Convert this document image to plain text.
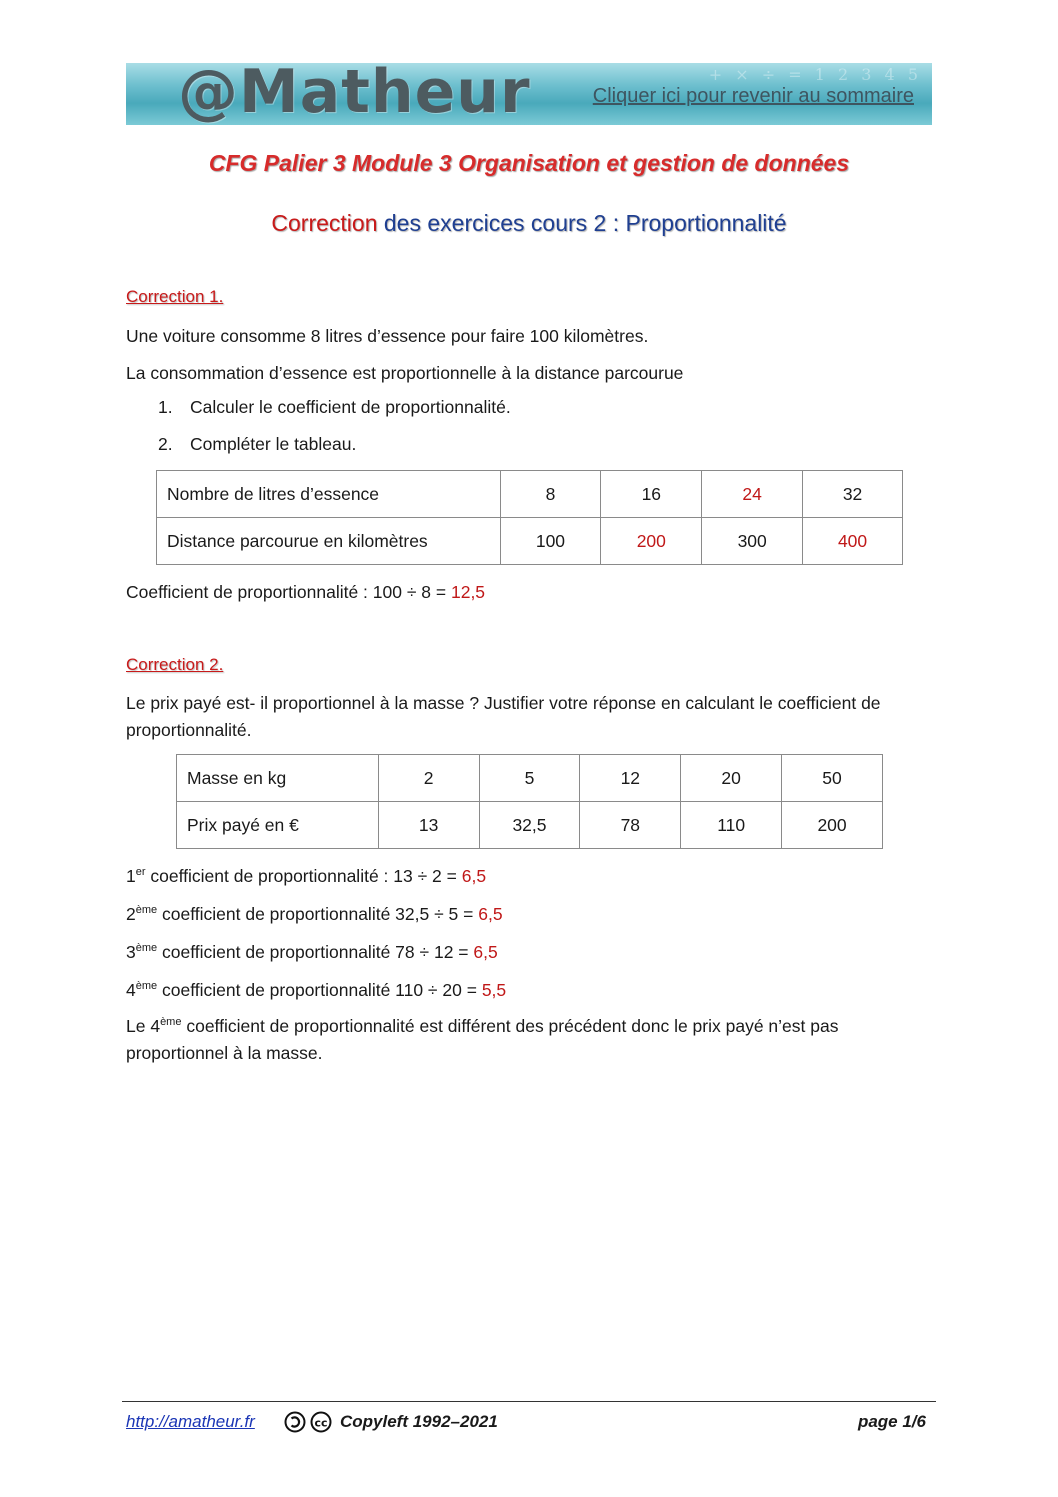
+ × ÷ = 1 2 3 4 5
@Matheur	Cliquer ici pour revenir au sommaire
CFG Palier 3 Module 3 Organisation et gestion de données
Correction des exercices cours 2 : Proportionnalité
Correction 1.
Une voiture consomme 8 litres d’essence pour faire 100 kilomètres.
La consommation d’essence est proportionnelle à la distance parcourue
1. Calculer le coefficient de proportionnalité.
2. Compléter le tableau.
Nombre de litres d’essence	8	16	24	32
Distance parcourue en kilomètres	100	200	300	400
Coefficient de proportionnalité : 100 ÷ 8 = 12,5
Correction 2.
Le prix payé est- il proportionnel à la masse ? Justifier votre réponse en calculant le coefficient de proportionnalité.
Masse en kg	2	5	12	20	50
Prix payé en €	13	32,5	78	110	200
1er coefficient de proportionnalité : 13 ÷ 2 = 6,5
2ème coefficient de proportionnalité 32,5 ÷ 5 = 6,5
3ème coefficient de proportionnalité 78 ÷ 12 = 6,5
4ème coefficient de proportionnalité 110 ÷ 20 = 5,5
Le 4ème coefficient de proportionnalité est différent des précédent donc le prix payé n’est pas proportionnel à la masse.
http://amatheur.fr	cc Copyleft 1992–2021	page 1/6
